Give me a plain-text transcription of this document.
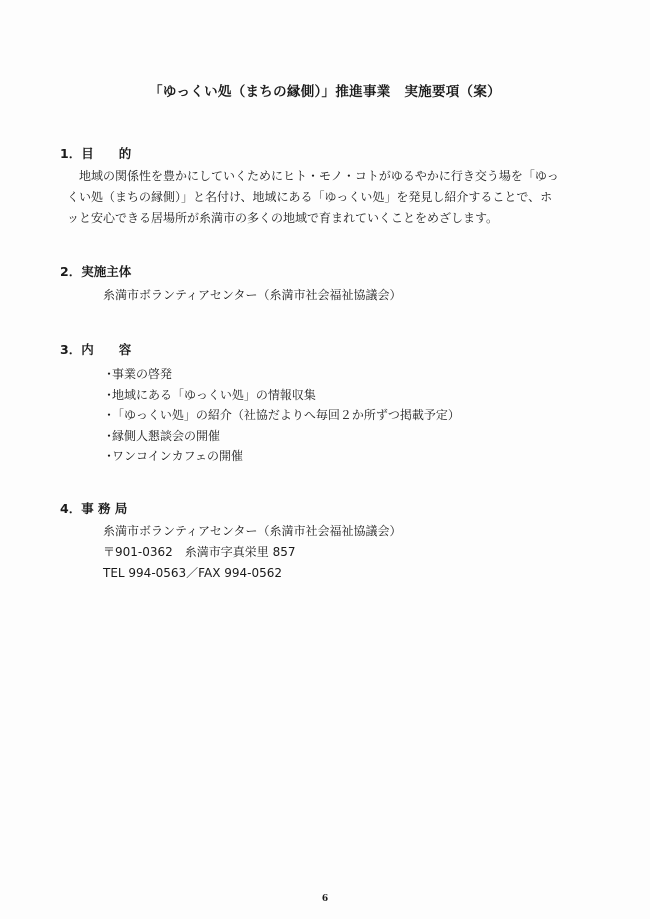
「ゆっくい処（まちの縁側）」推進事業　実施要項（案）
1．目　　的
地域の関係性を豊かにしていくためにヒト・モノ・コトがゆるやかに行き交う場を「ゆっくい処（まちの縁側）」と名付け、地域にある「ゆっくい処」を発見し紹介することで、ホッと安心できる居場所が糸満市の多くの地域で育まれていくことをめざします。
2．実施主体
糸満市ボランティアセンター（糸満市社会福祉協議会）
3．内　　容
・事業の啓発
・地域にある「ゆっくい処」の情報収集
・「ゆっくい処」の紹介（社協だよりへ毎回２か所ずつ掲載予定）
・縁側人懇談会の開催
・ワンコインカフェの開催
4．事 務 局
糸満市ボランティアセンター（糸満市社会福祉協議会）
〒901-0362　糸満市字真栄里 857
TEL 994-0563／FAX 994-0562
6
